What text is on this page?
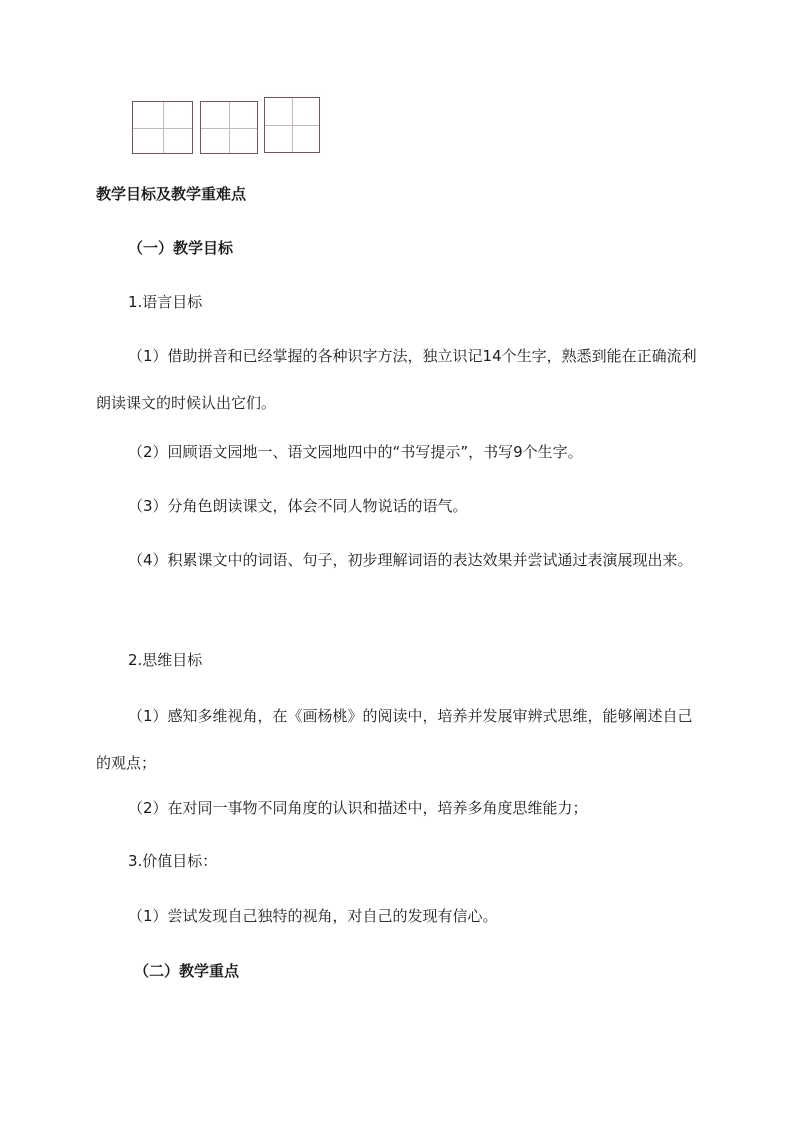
教学目标及教学重难点
（一）教学目标
1.语言目标
（1）借助拼音和已经掌握的各种识字方法，独立识记14个生字，熟悉到能在正确流利朗读课文的时候认出它们。
（2）回顾语文园地一、语文园地四中的“书写提示”，书写9个生字。
（3）分角色朗读课文，体会不同人物说话的语气。
（4）积累课文中的词语、句子，初步理解词语的表达效果并尝试通过表演展现出来。
2.思维目标
（1）感知多维视角，在《画杨桃》的阅读中，培养并发展审辨式思维，能够阐述自己的观点；
（2）在对同一事物不同角度的认识和描述中，培养多角度思维能力；
3.价值目标：
（1）尝试发现自己独特的视角，对自己的发现有信心。
（二）教学重点
